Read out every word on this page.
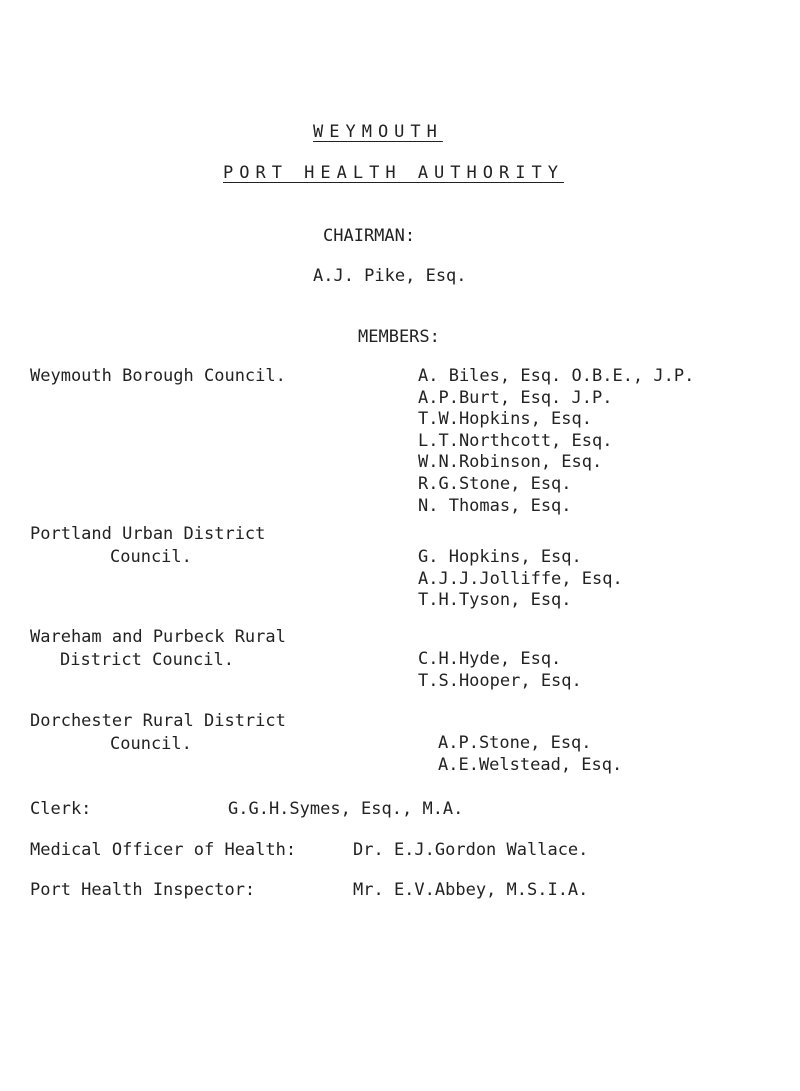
WEYMOUTH
PORT HEALTH AUTHORITY
CHAIRMAN:
A.J. Pike, Esq.
MEMBERS:
Weymouth Borough Council.	A. Biles, Esq. O.B.E., J.P.
A.P.Burt, Esq. J.P.
T.W.Hopkins, Esq.
L.T.Northcott, Esq.
W.N.Robinson, Esq.
R.G.Stone, Esq.
N. Thomas, Esq.
Portland Urban District
Council.	G. Hopkins, Esq.
A.J.J.Jolliffe, Esq.
T.H.Tyson, Esq.
Wareham and Purbeck Rural
District Council.	C.H.Hyde, Esq.
T.S.Hooper, Esq.
Dorchester Rural District
Council.	A.P.Stone, Esq.
A.E.Welstead, Esq.
Clerk:	G.G.H.Symes, Esq., M.A.
Medical Officer of Health:	Dr. E.J.Gordon Wallace.
Port Health Inspector:	Mr. E.V.Abbey, M.S.I.A.
